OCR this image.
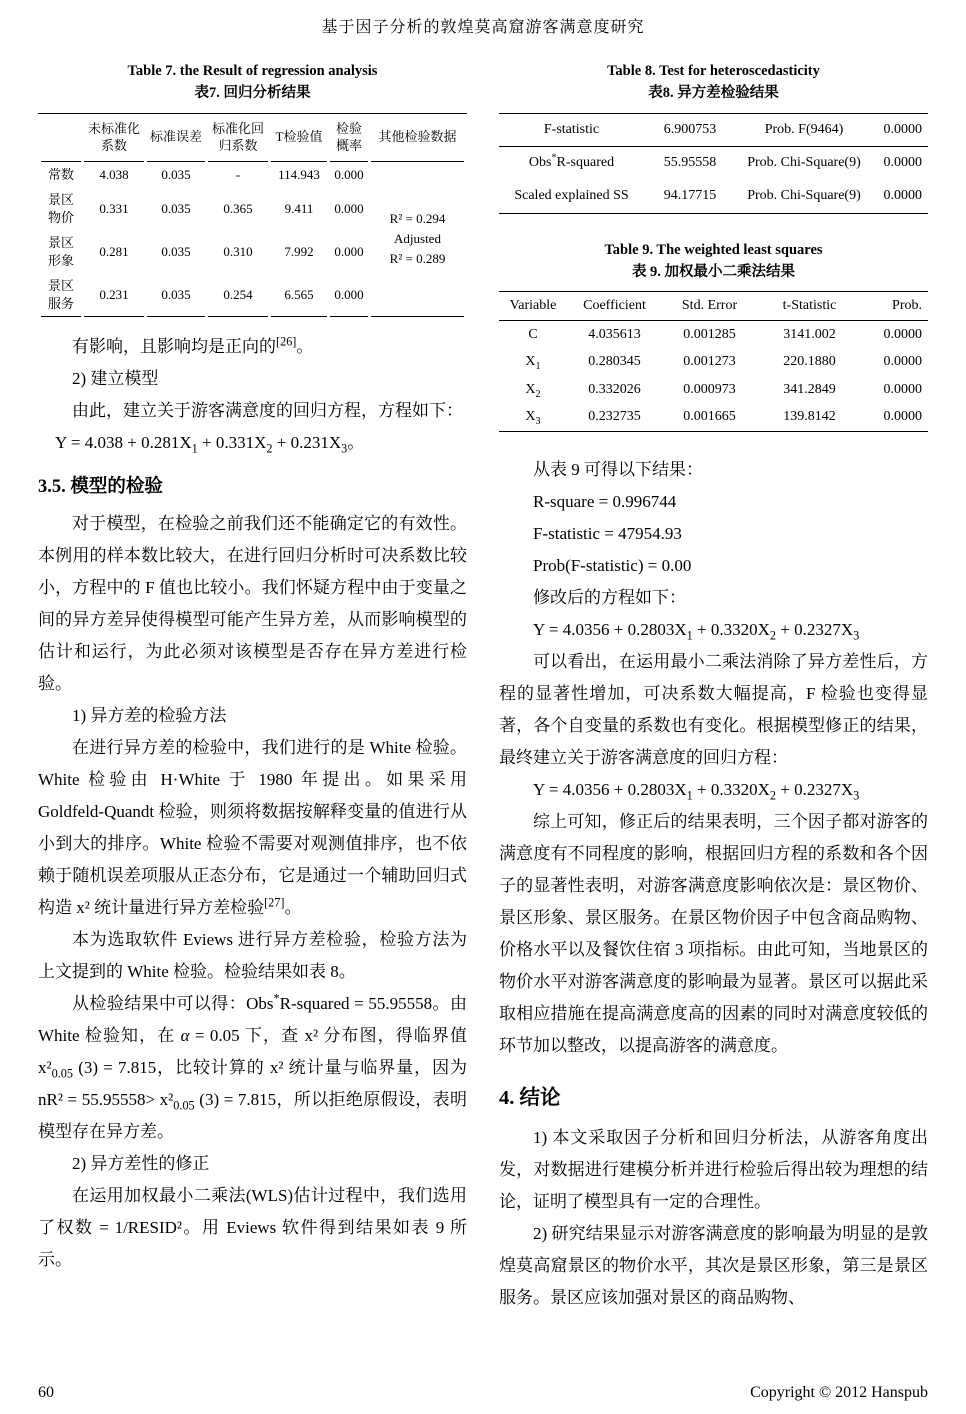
基于因子分析的敦煌莫高窟游客满意度研究
Table 7. the Result of regression analysis
表7. 回归分析结果
	未标准化系数	标准误差	标准化回归系数	T检验值	检验概率	其他检验数据
常数	4.038	0.035	-	114.943	0.000	R² = 0.294
Adjusted
R² = 0.289

景区物价	0.331	0.035	0.365	9.411	0.000	
景区形象	0.281	0.035	0.310	7.992	0.000	
景区服务	0.231	0.035	0.254	6.565	0.000	

有影响，且影响均是正向的[26]。

2) 建立模型

由此，建立关于游客满意度的回归方程，方程如下：

$Y = 4.038 + 0.281X_1 + 0.331X_2 + 0.231X_3$。

3.5. 模型的检验

对于模型，在检验之前我们还不能确定它的有效性。本例用的样本数比较大，在进行回归分析时可决系数比较小，方程中的 F 值也比较小。我们怀疑方程中由于变量之间的异方差异使得模型可能产生异方差，从而影响模型的估计和运行，为此必须对该模型是否存在异方差进行检验。

1) 异方差的检验方法

在进行异方差的检验中，我们进行的是 White 检验。White 检验由 H·White 于 1980 年提出。如果采用 Goldfeld-Quandt 检验，则须将数据按解释变量的值进行从小到大的排序。White 检验不需要对观测值排序，也不依赖于随机误差项服从正态分布，它是通过一个辅助回归式构造 x² 统计量进行异方差检验[27]。

本为选取软件 Eviews 进行异方差检验，检验方法为上文提到的 White 检验。检验结果如表 8。

从检验结果中可以得：Obs*R-squared = 55.95558。由 White 检验知，在 α = 0.05 下，查 x² 分布图，得临界值 $x^2_{0.05}$ (3) = 7.815，比较计算的 x² 统计量与临界量，因为 $nR^2 = 55.95558> x^2_{0.05}$ (3) = 7.815，所以拒绝原假设，表明模型存在异方差。

2) 异方差性的修正

在运用加权最小二乘法(WLS)估计过程中，我们选用了权数 = 1/RESID²。用 Eviews 软件得到结果如表 9 所示。

Table 8. Test for heteroscedasticity
表8. 异方差检验结果
F-statistic	6.900753	Prob. F(9464)	0.0000
Obs*R-squared	55.95558	Prob. Chi-Square(9)	0.0000
Scaled explained SS	94.17715	Prob. Chi-Square(9)	0.0000
Table 9. The weighted least squares
表 9. 加权最小二乘法结果
Variable	Coefficient	Std. Error	t-Statistic	Prob.
C	4.035613	0.001285	3141.002	0.0000
$X_1$	0.280345	0.001273	220.1880	0.0000
$X_2$	0.332026	0.000973	341.2849	0.0000
$X_3$	0.232735	0.001665	139.8142	0.0000

从表 9 可得以下结果：

R-square = 0.996744

F-statistic = 47954.93

Prob(F-statistic) = 0.00

修改后的方程如下：

$Y = 4.0356 + 0.2803X_1 + 0.3320X_2 + 0.2327X_3$

可以看出，在运用最小二乘法消除了异方差性后，方程的显著性增加，可决系数大幅提高，F 检验也变得显著，各个自变量的系数也有变化。根据模型修正的结果，最终建立关于游客满意度的回归方程：

$Y = 4.0356 + 0.2803X_1 + 0.3320X_2 + 0.2327X_3$

综上可知，修正后的结果表明，三个因子都对游客的满意度有不同程度的影响，根据回归方程的系数和各个因子的显著性表明，对游客满意度影响依次是：景区物价、景区形象、景区服务。在景区物价因子中包含商品购物、价格水平以及餐饮住宿 3 项指标。由此可知，当地景区的物价水平对游客满意度的影响最为显著。景区可以据此采取相应措施在提高满意度高的因素的同时对满意度较低的环节加以整改，以提高游客的满意度。

4. 结论

1) 本文采取因子分析和回归分析法，从游客角度出发，对数据进行建模分析并进行检验后得出较为理想的结论，证明了模型具有一定的合理性。

2) 研究结果显示对游客满意度的影响最为明显的是敦煌莫高窟景区的物价水平，其次是景区形象，第三是景区服务。景区应该加强对景区的商品购物、

60	Copyright © 2012 Hanspub
